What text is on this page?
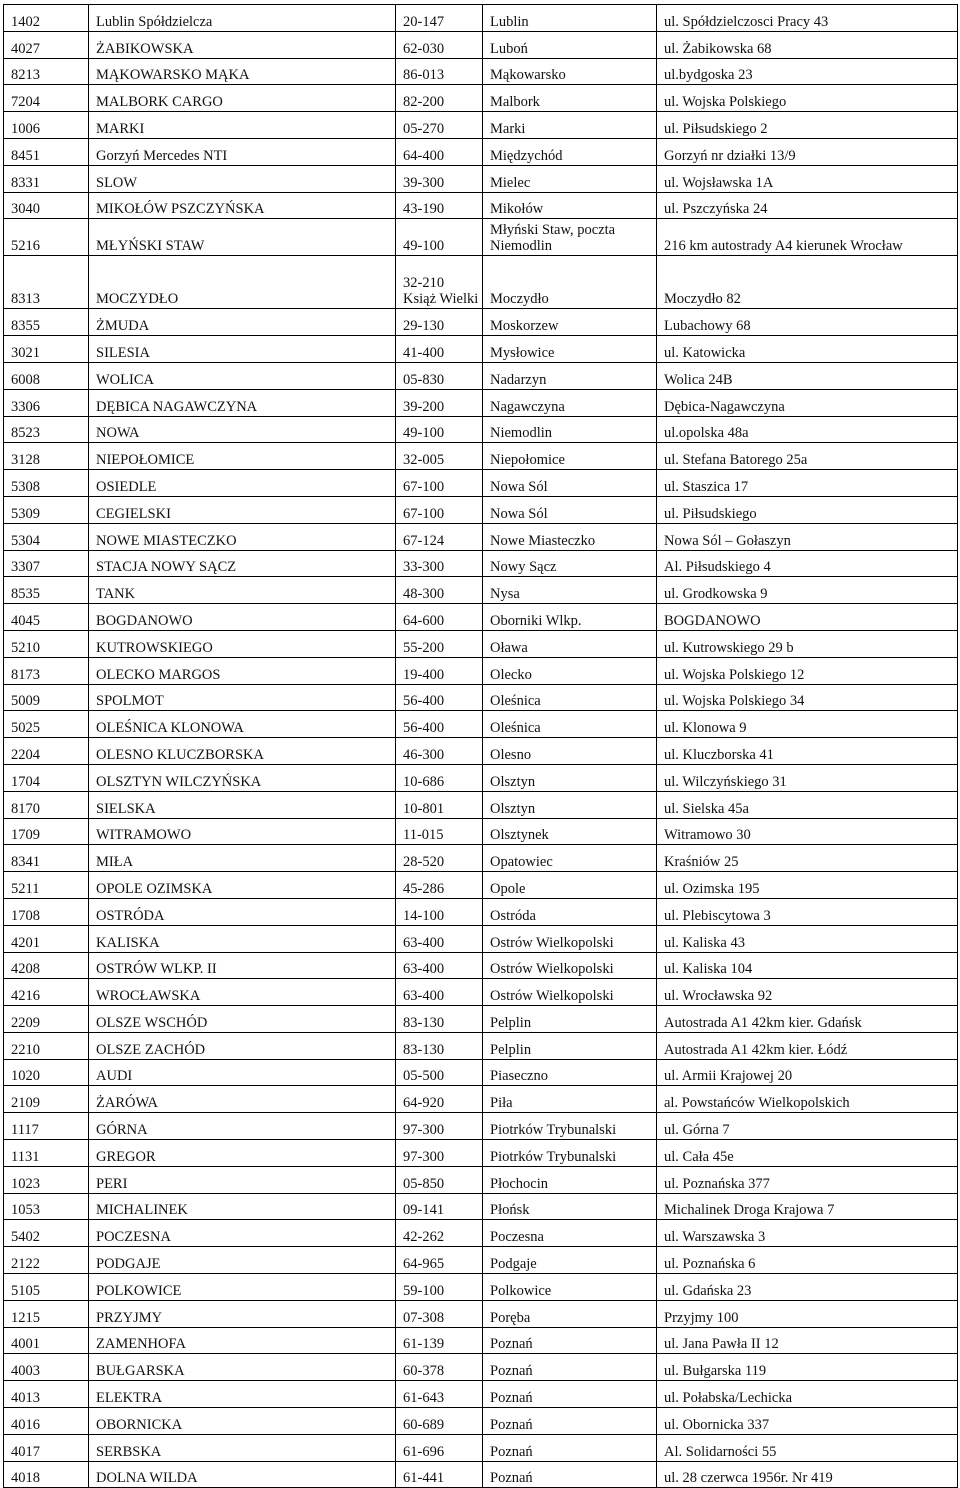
1402	Lublin Spółdzielcza	20-147	Lublin	ul. Spółdzielczosci Pracy 43
4027	ŻABIKOWSKA	62-030	Luboń	ul. Żabikowska 68
8213	MĄKOWARSKO MĄKA	86-013	Mąkowarsko	ul.bydgoska 23
7204	MALBORK CARGO	82-200	Malbork	ul. Wojska Polskiego
1006	MARKI	05-270	Marki	ul. Piłsudskiego 2
8451	Gorzyń Mercedes NTI	64-400	Międzychód	Gorzyń nr działki 13/9
8331	SLOW	39-300	Mielec	ul. Wojsławska 1A
3040	MIKOŁÓW PSZCZYŃSKA	43-190	Mikołów	ul. Pszczyńska 24
5216	MŁYŃSKI STAW	49-100	Młyński Staw, poczta Niemodlin	216 km autostrady A4 kierunek Wrocław
8313	MOCZYDŁO	32-210 Książ Wielki	Moczydło	Moczydło 82
8355	ŻMUDA	29-130	Moskorzew	Lubachowy 68
3021	SILESIA	41-400	Mysłowice	ul. Katowicka
6008	WOLICA	05-830	Nadarzyn	Wolica 24B
3306	DĘBICA NAGAWCZYNA	39-200	Nagawczyna	Dębica-Nagawczyna
8523	NOWA	49-100	Niemodlin	ul.opolska 48a
3128	NIEPOŁOMICE	32-005	Niepołomice	ul. Stefana Batorego 25a
5308	OSIEDLE	67-100	Nowa Sól	ul. Staszica 17
5309	CEGIELSKI	67-100	Nowa Sól	ul. Piłsudskiego
5304	NOWE MIASTECZKO	67-124	Nowe Miasteczko	Nowa Sól – Gołaszyn
3307	STACJA NOWY SĄCZ	33-300	Nowy Sącz	Al. Piłsudskiego 4
8535	TANK	48-300	Nysa	ul. Grodkowska 9
4045	BOGDANOWO	64-600	Oborniki Wlkp.	BOGDANOWO
5210	KUTROWSKIEGO	55-200	Oława	ul. Kutrowskiego 29 b
8173	OLECKO MARGOS	19-400	Olecko	ul. Wojska Polskiego 12
5009	SPOLMOT	56-400	Oleśnica	ul. Wojska Polskiego 34
5025	OLEŚNICA KLONOWA	56-400	Oleśnica	ul. Klonowa 9
2204	OLESNO KLUCZBORSKA	46-300	Olesno	ul. Kluczborska 41
1704	OLSZTYN WILCZYŃSKA	10-686	Olsztyn	ul. Wilczyńskiego 31
8170	SIELSKA	10-801	Olsztyn	ul. Sielska 45a
1709	WITRAMOWO	11-015	Olsztynek	Witramowo 30
8341	MIŁA	28-520	Opatowiec	Kraśniów 25
5211	OPOLE OZIMSKA	45-286	Opole	ul. Ozimska 195
1708	OSTRÓDA	14-100	Ostróda	ul. Plebiscytowa 3
4201	KALISKA	63-400	Ostrów Wielkopolski	ul. Kaliska 43
4208	OSTRÓW WLKP. II	63-400	Ostrów Wielkopolski	ul. Kaliska 104
4216	WROCŁAWSKA	63-400	Ostrów Wielkopolski	ul. Wrocławska 92
2209	OLSZE WSCHÓD	83-130	Pelplin	Autostrada A1 42km kier. Gdańsk
2210	OLSZE ZACHÓD	83-130	Pelplin	Autostrada A1 42km kier. Łódź
1020	AUDI	05-500	Piaseczno	ul. Armii Krajowej 20
2109	ŻARÓWA	64-920	Piła	al. Powstańców Wielkopolskich
1117	GÓRNA	97-300	Piotrków Trybunalski	ul. Górna 7
1131	GREGOR	97-300	Piotrków Trybunalski	ul. Cała 45e
1023	PERI	05-850	Płochocin	ul. Poznańska 377
1053	MICHALINEK	09-141	Płońsk	Michalinek Droga Krajowa 7
5402	POCZESNA	42-262	Poczesna	ul. Warszawska 3
2122	PODGAJE	64-965	Podgaje	ul. Poznańska 6
5105	POLKOWICE	59-100	Polkowice	ul. Gdańska 23
1215	PRZYJMY	07-308	Poręba	Przyjmy 100
4001	ZAMENHOFA	61-139	Poznań	ul. Jana Pawła II 12
4003	BUŁGARSKA	60-378	Poznań	ul. Bułgarska 119
4013	ELEKTRA	61-643	Poznań	ul. Połabska/Lechicka
4016	OBORNICKA	60-689	Poznań	ul. Obornicka 337
4017	SERBSKA	61-696	Poznań	Al. Solidarności 55
4018	DOLNA WILDA	61-441	Poznań	ul. 28 czerwca 1956r. Nr 419
